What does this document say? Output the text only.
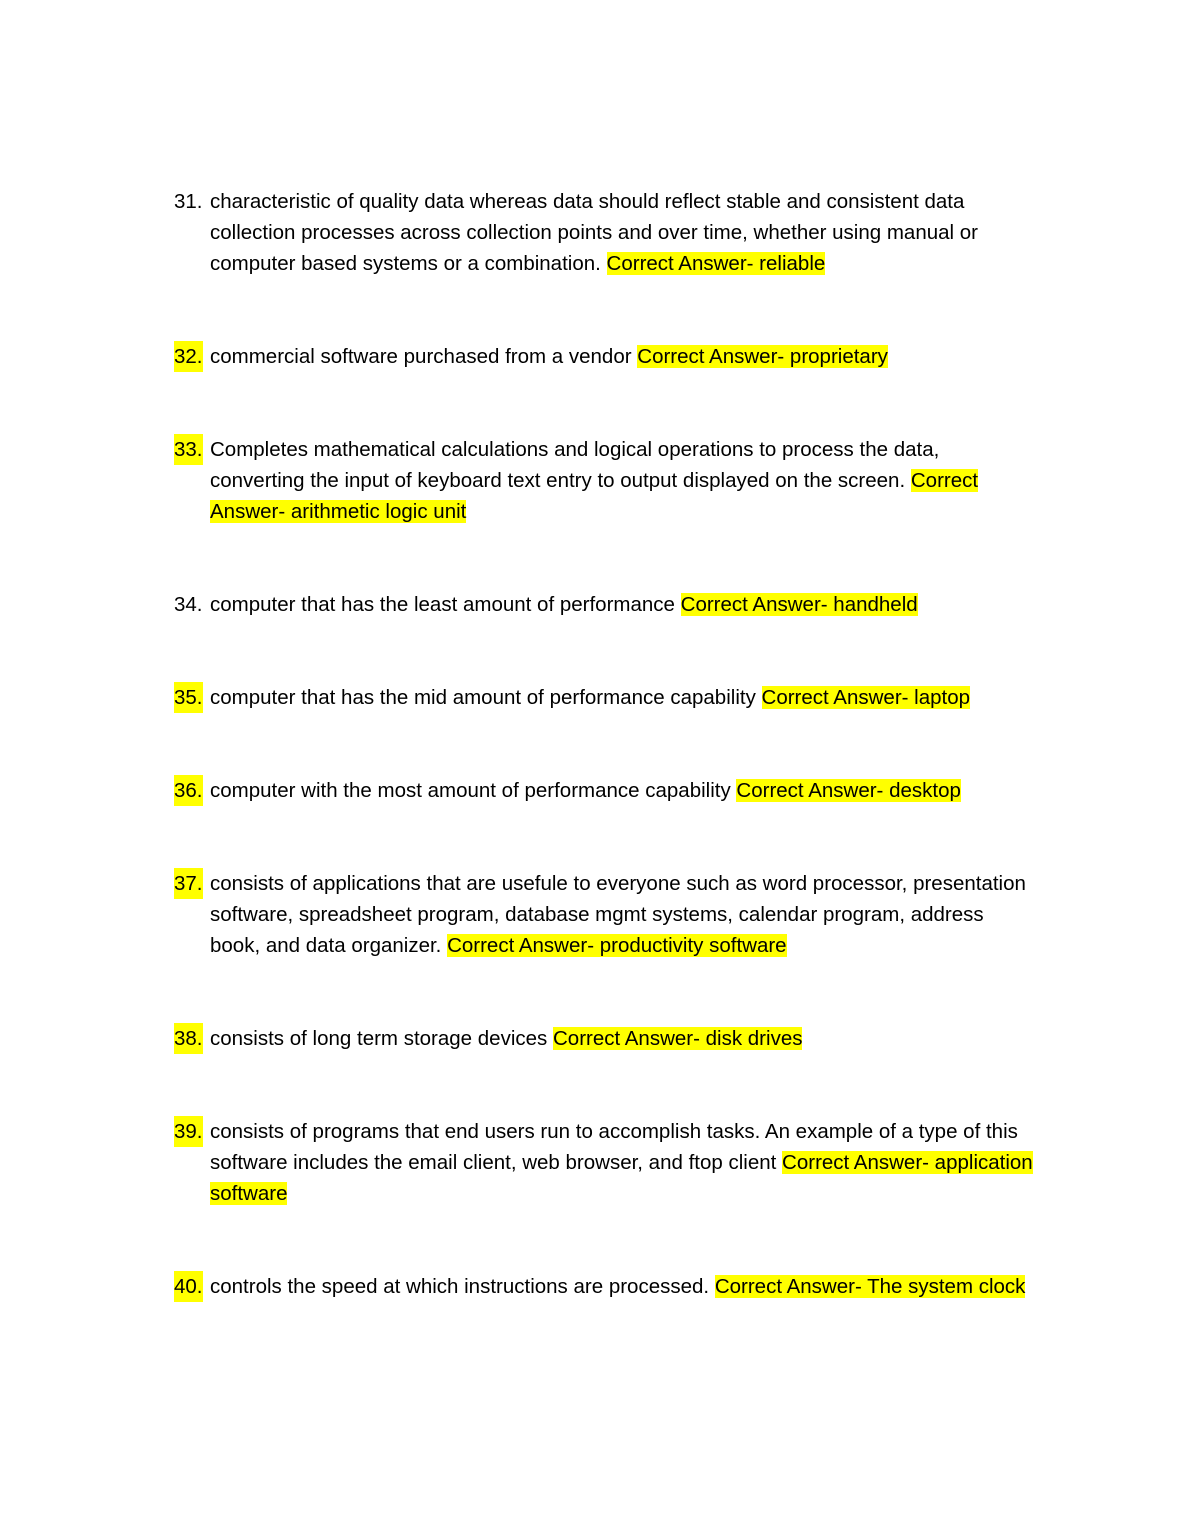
31. characteristic of quality data whereas data should reflect stable and consistent data collection processes across collection points and over time, whether using manual or computer based systems or a combination. Correct Answer- reliable
32. commercial software purchased from a vendor Correct Answer- proprietary
33. Completes mathematical calculations and logical operations to process the data, converting the input of keyboard text entry to output displayed on the screen. Correct Answer- arithmetic logic unit
34. computer that has the least amount of performance Correct Answer- handheld
35. computer that has the mid amount of performance capability Correct Answer- laptop
36. computer with the most amount of performance capability Correct Answer- desktop
37. consists of applications that are usefule to everyone such as word processor, presentation software, spreadsheet program, database mgmt systems, calendar program, address book, and data organizer. Correct Answer- productivity software
38. consists of long term storage devices Correct Answer- disk drives
39. consists of programs that end users run to accomplish tasks. An example of a type of this software includes the email client, web browser, and ftop client Correct Answer- application software
40. controls the speed at which instructions are processed. Correct Answer- The system clock
